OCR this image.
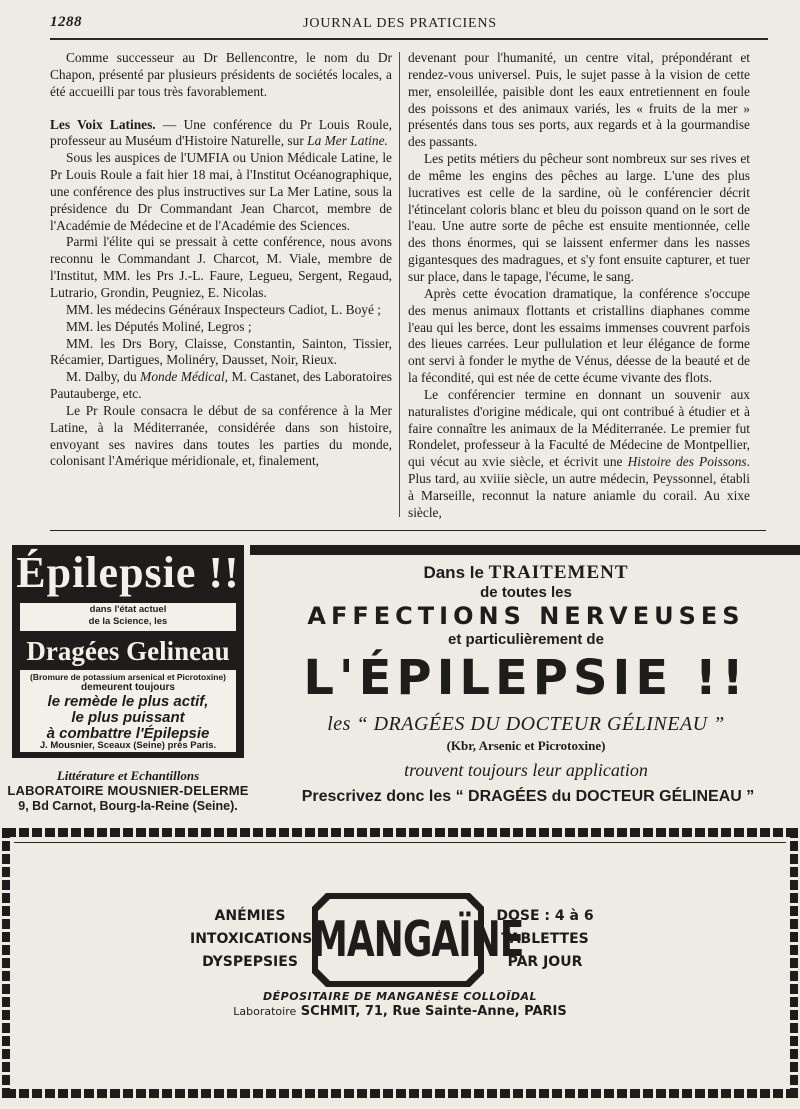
1288	JOURNAL DES PRATICIENS

Comme successeur au Dr Bellencontre, le nom du Dr Chapon, présenté par plusieurs présidents de sociétés locales, a été accueilli par tous très favorablement.

Les Voix Latines. — Une conférence du Pr Louis Roule, professeur au Muséum d'Histoire Naturelle, sur La Mer Latine.

Sous les auspices de l'UMFIA ou Union Médicale Latine, le Pr Louis Roule a fait hier 18 mai, à l'Institut Océanographique, une conférence des plus instructives sur La Mer Latine, sous la présidence du Dr Commandant Jean Charcot, membre de l'Académie de Médecine et de l'Académie des Sciences.

Parmi l'élite qui se pressait à cette conférence, nous avons reconnu le Commandant J. Charcot, M. Viale, membre de l'Institut, MM. les Prs J.-L. Faure, Legueu, Sergent, Regaud, Lutrario, Grondin, Peugniez, E. Nicolas.

MM. les médecins Généraux Inspecteurs Cadiot, L. Boyé ;

MM. les Députés Moliné, Legros ;

MM. les Drs Bory, Claisse, Constantin, Sainton, Tissier, Récamier, Dartigues, Molinéry, Dausset, Noir, Rieux.

M. Dalby, du Monde Médical, M. Castanet, des Laboratoires Pautauberge, etc.

Le Pr Roule consacra le début de sa conférence à la Mer Latine, à la Méditerranée, considérée dans son histoire, envoyant ses navires dans toutes les parties du monde, colonisant l'Amérique méridionale, et, finalement,

devenant pour l'humanité, un centre vital, prépondérant et rendez-vous universel. Puis, le sujet passe à la vision de cette mer, ensoleillée, paisible dont les eaux entretiennent en foule des poissons et des animaux variés, les « fruits de la mer » présentés dans tous ses ports, aux regards et à la gourmandise des passants.

Les petits métiers du pêcheur sont nombreux sur ses rives et de même les engins des pêches au large. L'une des plus lucratives est celle de la sardine, où le conférencier décrit l'étincelant coloris blanc et bleu du poisson quand on le sort de l'eau. Une autre sorte de pêche est ensuite mentionnée, celle des thons énormes, qui se laissent enfermer dans les nasses gigantesques des madragues, et s'y font ensuite capturer, et tuer sur place, dans le tapage, l'écume, le sang.

Après cette évocation dramatique, la conférence s'occupe des menus animaux flottants et cristallins diaphanes comme l'eau qui les berce, dont les essaims immenses couvrent parfois des lieues carrées. Leur pullulation et leur élégance de forme ont servi à fonder le mythe de Vénus, déesse de la beauté et de la fécondité, qui est née de cette écume vivante des flots.

Le conférencier termine en donnant un souvenir aux naturalistes d'origine médicale, qui ont contribué à étudier et à faire connaître les animaux de la Méditerranée. Le premier fut Rondelet, professeur à la Faculté de Médecine de Montpellier, qui vécut au xvie siècle, et écrivit une Histoire des Poissons. Plus tard, au xviiie siècle, un autre médecin, Peyssonnel, établi à Marseille, reconnut la nature aniamle du corail. Au xixe siècle,

Épilepsie !!
dans l'état actuel
de la Science, les
Dragées Gelineau
(Bromure de potassium arsenical et Picrotoxine)
demeurent toujours
le remède le plus actif,
le plus puissant
à combattre l'Épilepsie
J. Mousnier, Sceaux (Seine) près Paris.
Littérature et Echantillons
LABORATOIRE MOUSNIER-DELERME
9, Bd Carnot, Bourg-la-Reine (Seine).
Dans le TRAITEMENT
de toutes les
AFFECTIONS NERVEUSES
et particulièrement de
L'ÉPILEPSIE !!
les “ DRAGÉES DU DOCTEUR GÉLINEAU ”
(Kbr, Arsenic et Picrotoxine)
trouvent toujours leur application
Prescrivez donc les “ DRAGÉES du DOCTEUR GÉLINEAU ”
MANGAÏNE
ANÉMIES
INTOXICATIONS
DYSPEPSIES
DOSE : 4 à 6
TABLETTES
PAR JOUR
DÉPOSITAIRE DE MANGANÈSE COLLOÏDAL
Laboratoire SCHMIT, 71, Rue Sainte-Anne, PARIS
